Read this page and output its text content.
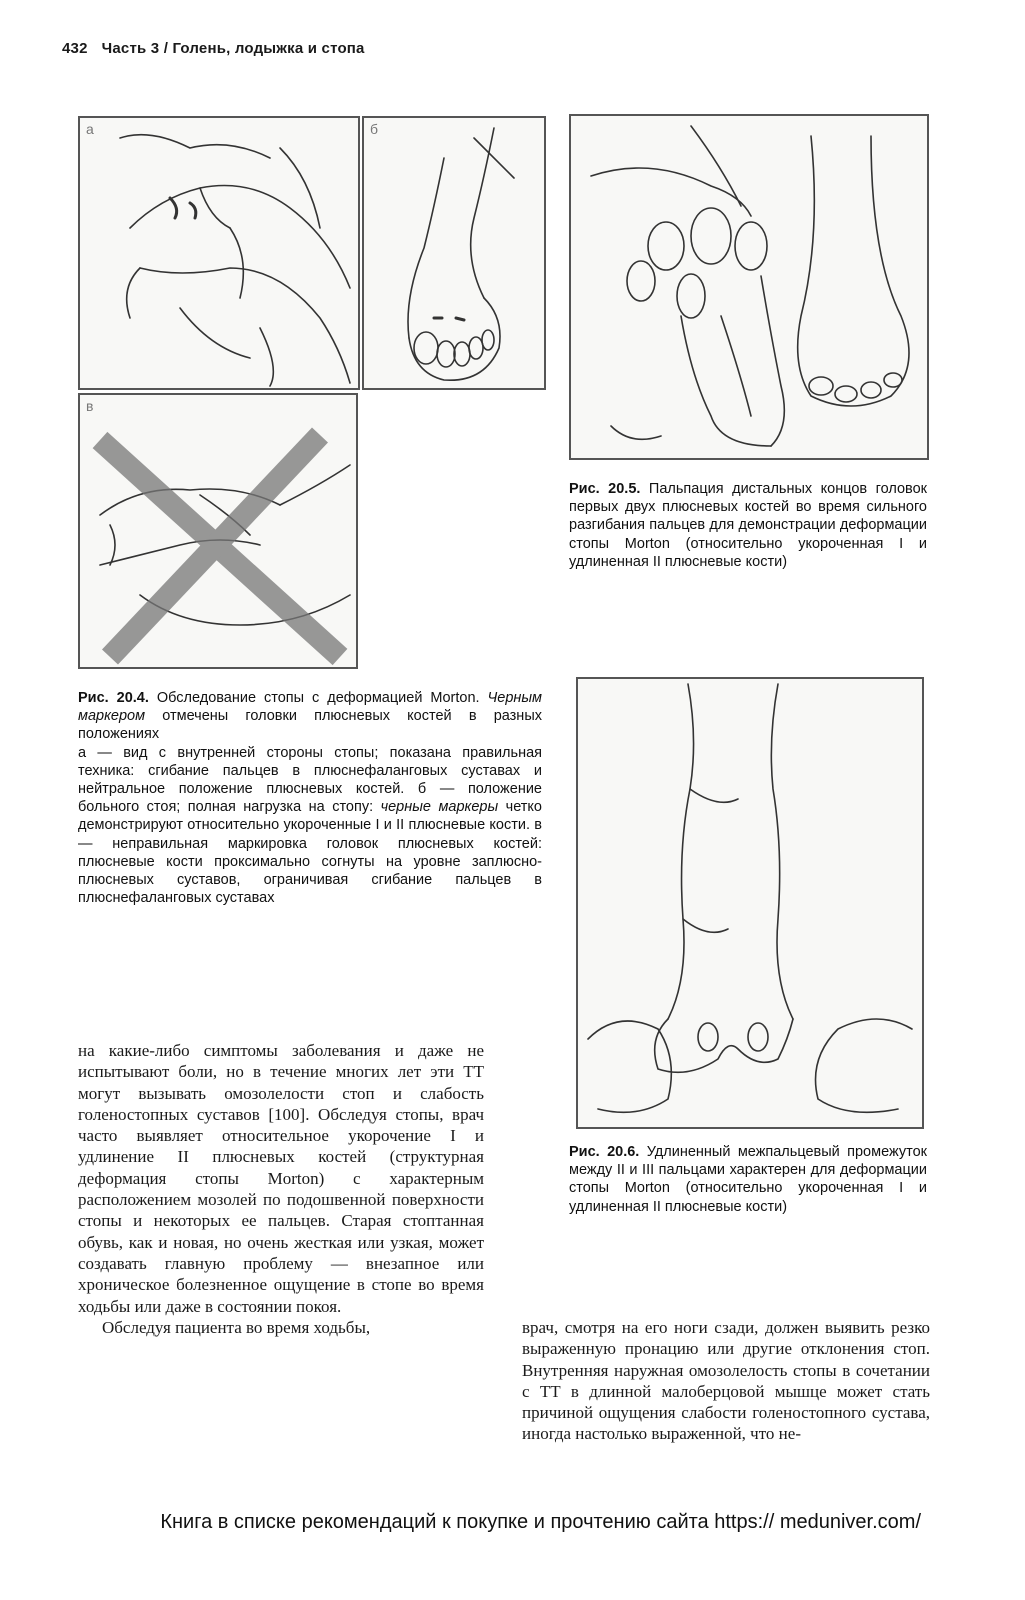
432 Часть 3 / Голень, лодыжка и стопа
а	б
в

Рис. 20.5. Пальпация дистальных концов головок первых двух плюсневых костей во время сильного разгибания пальцев для демонстрации деформации стопы Morton (относительно укороченная I и удлиненная II плюсневые кости)

Рис. 20.4. Обследование стопы с деформацией Morton. Черным маркером отмечены головки плюсневых костей в разных положениях

а — вид с внутренней стороны стопы; показана правильная техника: сгибание пальцев в плюснефаланговых суставах и нейтральное положение плюсневых костей. б — положение больного стоя; полная нагрузка на стопу: черные маркеры четко демонстрируют относительно укороченные I и II плюсневые кости. в — неправильная маркировка головок плюсневых костей: плюсневые кости проксимально согнуты на уровне заплюсно-плюсневых суставов, ограничивая сгибание пальцев в плюснефаланговых суставах

Рис. 20.6. Удлиненный межпальцевый промежуток между II и III пальцами характерен для деформации стопы Morton (относительно укороченная I и удлиненная II плюсневые кости)

на какие-либо симптомы заболевания и даже не испытывают боли, но в течение многих лет эти ТТ могут вызывать омозолелости стоп и слабость голеностопных суставов [100]. Обследуя стопы, врач часто выявляет относительное укорочение I и удлинение II плюсневых костей (структурная деформация стопы Morton) с характерным расположением мозолей по подошвенной поверхности стопы и некоторых ее пальцев. Старая стоптанная обувь, как и новая, но очень жесткая или узкая, может создавать главную проблему — внезапное или хроническое болезненное ощущение в стопе во время ходьбы или даже в состоянии покоя.

Обследуя пациента во время ходьбы,	врач, смотря на его ноги сзади, должен выявить резко выраженную пронацию или другие отклонения стоп. Внутренняя наружная омозолелость стопы в сочетании с ТТ в длинной малоберцовой мышце может стать причиной ощущения слабости голеностопного сустава, иногда настолько выраженной, что не-

Книга в списке рекомендаций к покупке и прочтению сайта https:// meduniver.com/
